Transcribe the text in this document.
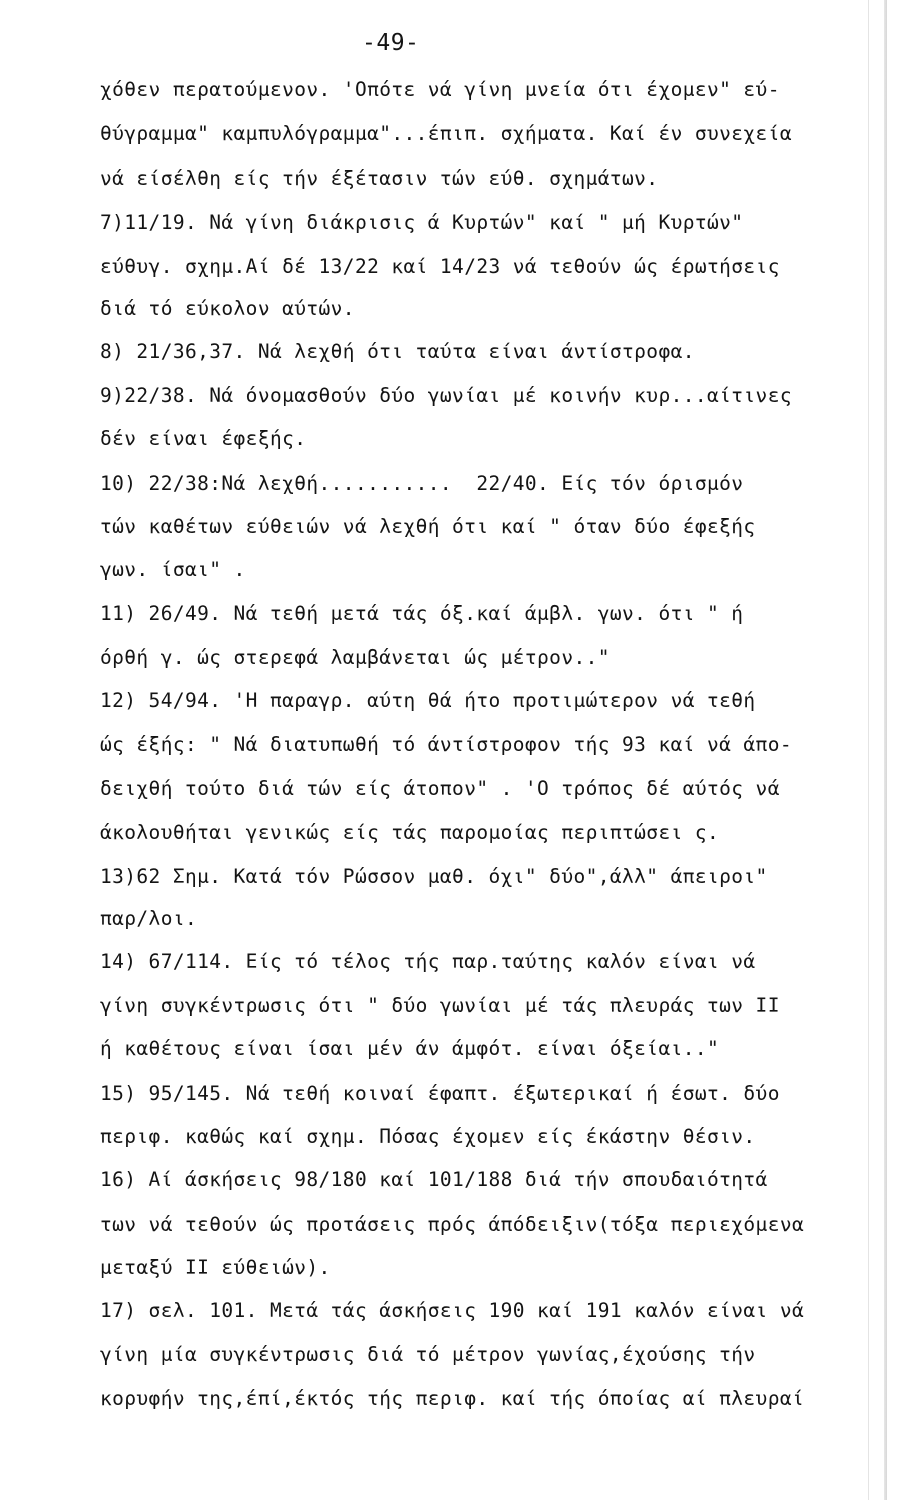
-49-
χόθεν περατούμενον. 'Οπότε νά γίνη μνεία ότι έχομεν" εύ-
θύγραμμα" καμπυλόγραμμα"...έπιπ. σχήματα. Καί έν συνεχεία
νά είσέλθη είς τήν έξέτασιν τών εύθ. σχημάτων.
7)11/19. Νά γίνη διάκρισις ά Κυρτών" καί " μή Κυρτών"
εύθυγ. σχημ.Αί δέ 13/22 καί 14/23 νά τεθούν ώς έρωτήσεις
διά τό εύκολον αύτών.
8) 21/36,37. Νά λεχθή ότι ταύτα είναι άντίστροφα.
9)22/38. Νά όνομασθούν δύο γωνίαι μέ κοινήν κυρ...αίτινες
δέν είναι έφεξής.
10) 22/38:Νά λεχθή...........  22/40. Είς τόν όρισμόν
τών καθέτων εύθειών νά λεχθή ότι καί " όταν δύο έφεξής
γων. ίσαι" .
11) 26/49. Νά τεθή μετά τάς όξ.καί άμβλ. γων. ότι " ή
όρθή γ. ώς στερεφά λαμβάνεται ώς μέτρον.."
12) 54/94. 'Η παραγρ. αύτη θά ήτο προτιμώτερον νά τεθή
ώς έξής: " Νά διατυπωθή τό άντίστροφον τής 93 καί νά άπο-
δειχθή τούτο διά τών είς άτοπον" . 'Ο τρόπος δέ αύτός νά
άκολουθήται γενικώς είς τάς παρομοίας περιπτώσει ς.
13)62 Σημ. Κατά τόν Ρώσσον μαθ. όχι" δύο",άλλ" άπειροι"
παρ/λοι.
14) 67/114. Είς τό τέλος τής παρ.ταύτης καλόν είναι νά
γίνη συγκέντρωσις ότι " δύο γωνίαι μέ τάς πλευράς των ΙΙ
ή καθέτους είναι ίσαι μέν άν άμφότ. είναι όξείαι.."
15) 95/145. Νά τεθή κοιναί έφαπτ. έξωτερικαί ή έσωτ. δύο
περιφ. καθώς καί σχημ. Πόσας έχομεν είς έκάστην θέσιν.
16) Αί άσκήσεις 98/180 καί 101/188 διά τήν σπουδαιότητά
των νά τεθούν ώς προτάσεις πρός άπόδειξιν(τόξα περιεχόμενα
μεταξύ ΙΙ εύθειών).
17) σελ. 101. Μετά τάς άσκήσεις 190 καί 191 καλόν είναι νά
γίνη μία συγκέντρωσις διά τό μέτρον γωνίας,έχούσης τήν
κορυφήν της,έπί,έκτός τής περιφ. καί τής όποίας αί πλευραί
